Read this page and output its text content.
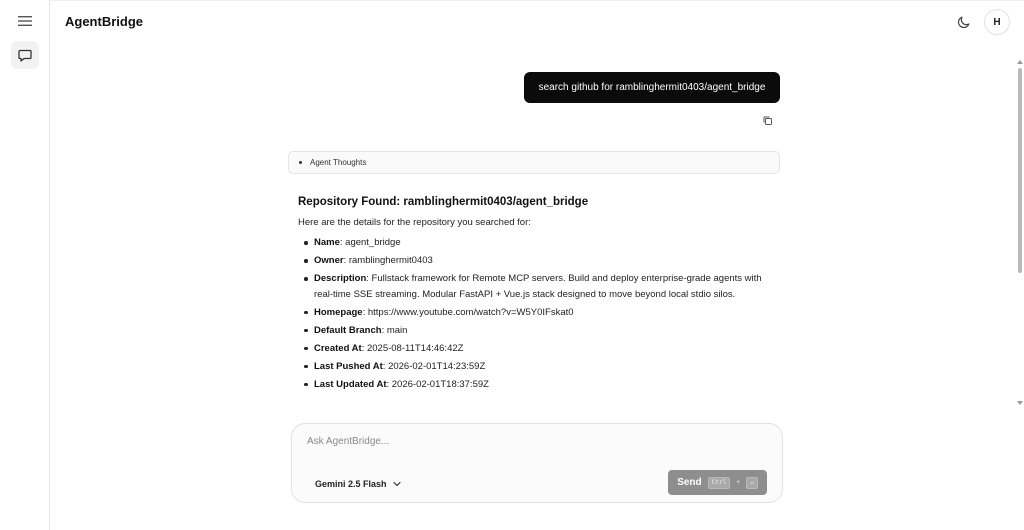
AgentBridge	H
search github for ramblinghermit0403/agent_bridge
Agent Thoughts
Repository Found: ramblinghermit0403/agent_bridge
Here are the details for the repository you searched for:
Name: agent_bridge
Owner: ramblinghermit0403
Description: Fullstack framework for Remote MCP servers. Build and deploy enterprise-grade agents with real-time SSE streaming. Modular FastAPI + Vue.js stack designed to move beyond local stdio silos.
Homepage: https://www.youtube.com/watch?v=W5Y0IFskat0
Default Branch: main
Created At: 2025-08-11T14:46:42Z
Last Pushed At: 2026-02-01T14:23:59Z
Last Updated At: 2026-02-01T18:37:59Z
Ask AgentBridge...
Gemini 2.5 Flash	Send	Ctrl	+	↵
